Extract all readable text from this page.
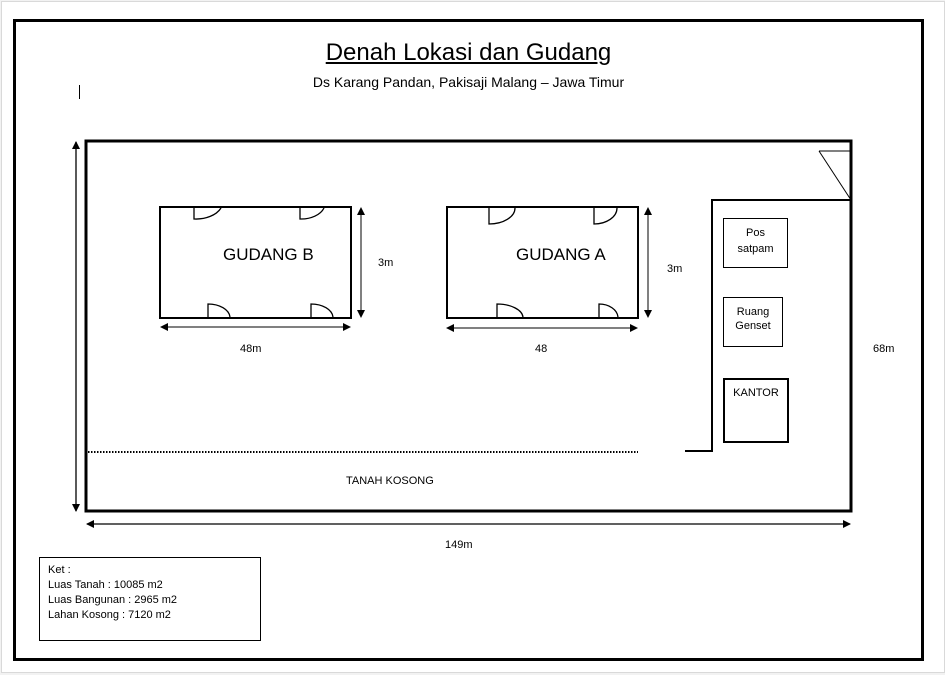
Denah Lokasi dan Gudang
Ds Karang Pandan, Pakisaji Malang – Jawa Timur
GUDANG B	GUDANG A
48m
3m
48
3m
Pos
satpam
Ruang
Genset
KANTOR
TANAH KOSONG
149m
68m
Ket :
Luas Tanah : 10085 m2
Luas Bangunan : 2965 m2
Lahan Kosong : 7120 m2
